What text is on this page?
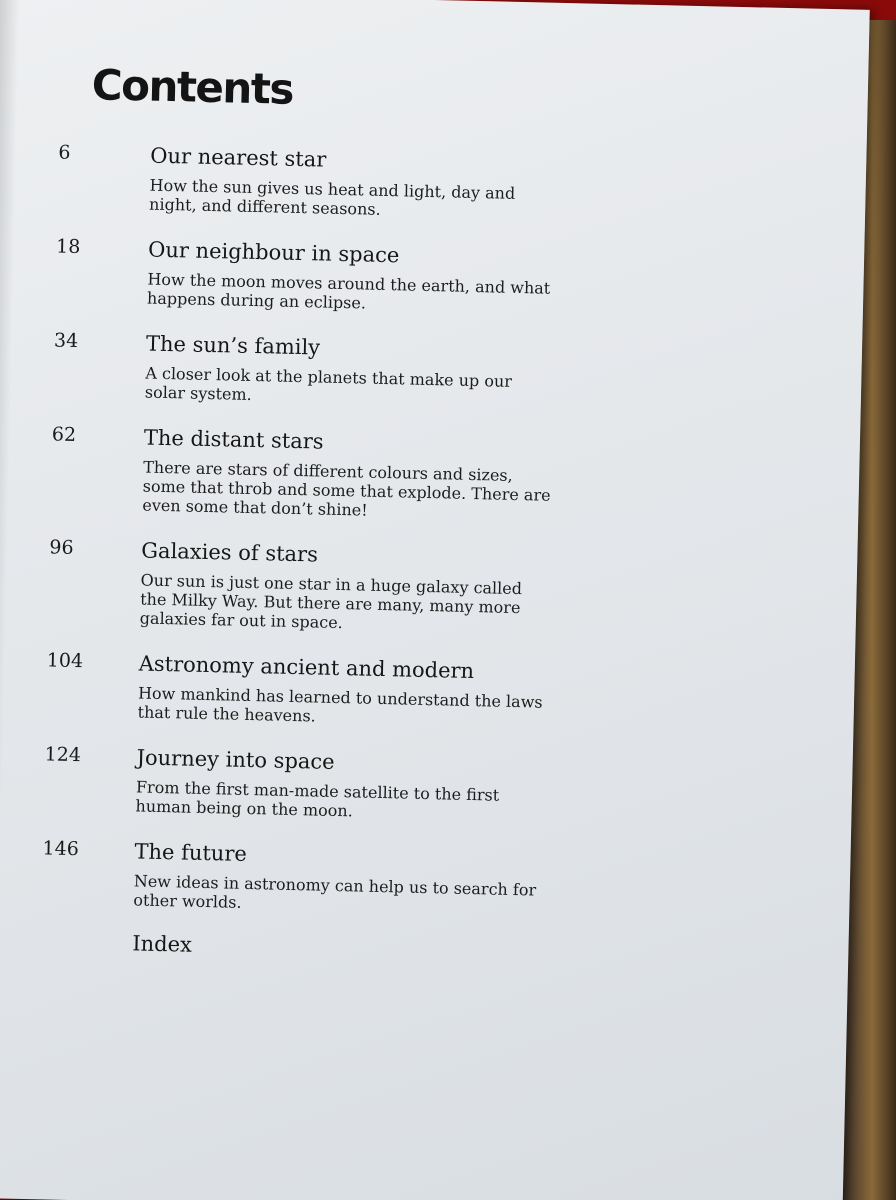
Contents
6	Our nearest star
How the sun gives us heat and light, day and night, and different seasons.
18	Our neighbour in space
How the moon moves around the earth, and what happens during an eclipse.
34	The sun’s family
A closer look at the planets that make up our solar system.
62	The distant stars
There are stars of different colours and sizes, some that throb and some that explode. There are even some that don’t shine!
96	Galaxies of stars
Our sun is just one star in a huge galaxy called the Milky Way. But there are many, many more galaxies far out in space.
104	Astronomy ancient and modern
How mankind has learned to understand the laws that rule the heavens.
124	Journey into space
From the first man-made satellite to the first human being on the moon.
146	The future
New ideas in astronomy can help us to search for other worlds.
Index
